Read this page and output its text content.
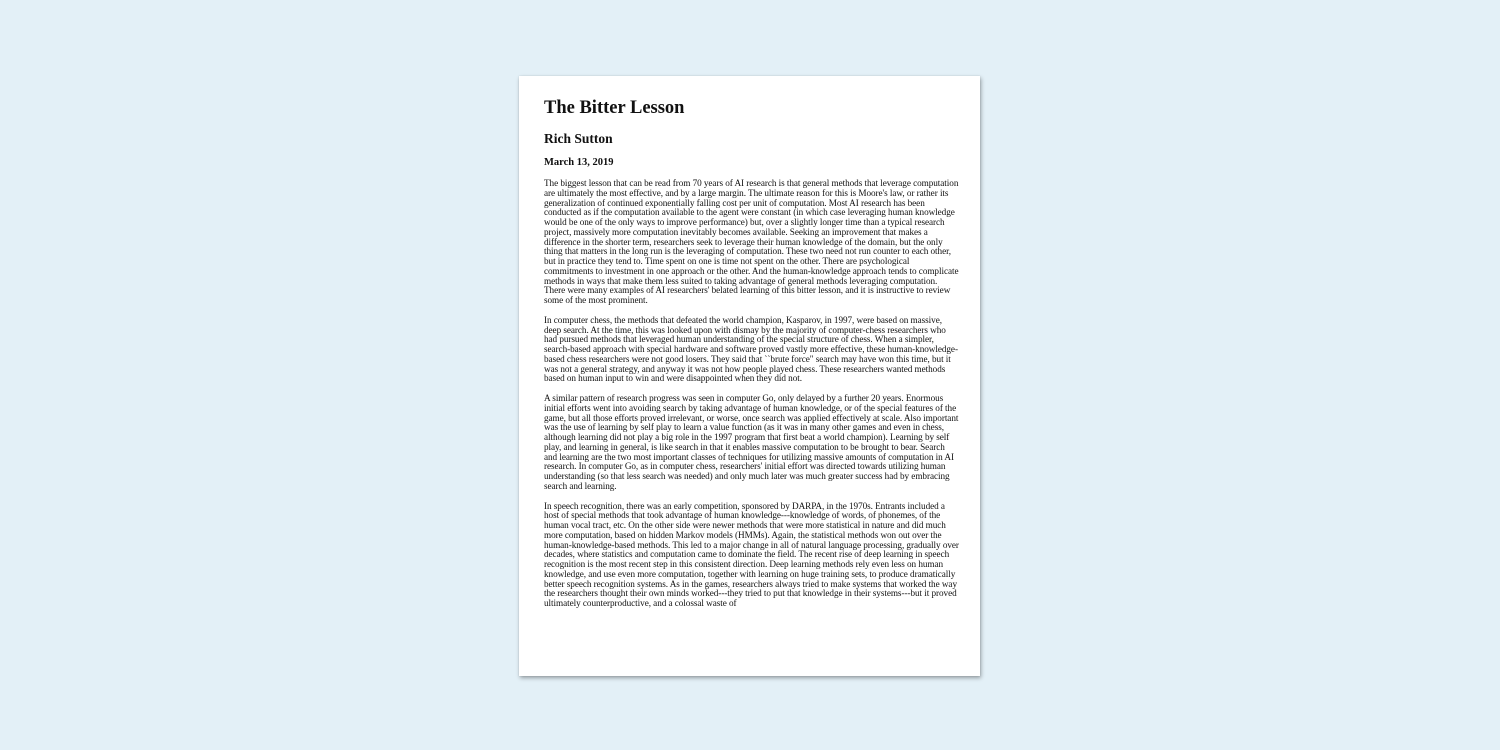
The Bitter Lesson
Rich Sutton
March 13, 2019

The biggest lesson that can be read from 70 years of AI research is that general methods that leverage computation are ultimately the most effective, and by a large margin. The ultimate reason for this is Moore's law, or rather its generalization of continued exponentially falling cost per unit of computation. Most AI research has been conducted as if the computation available to the agent were constant (in which case leveraging human knowledge would be one of the only ways to improve performance) but, over a slightly longer time than a typical research project, massively more computation inevitably becomes available. Seeking an improvement that makes a difference in the shorter term, researchers seek to leverage their human knowledge of the domain, but the only thing that matters in the long run is the leveraging of computation. These two need not run counter to each other, but in practice they tend to. Time spent on one is time not spent on the other. There are psychological commitments to investment in one approach or the other. And the human-knowledge approach tends to complicate methods in ways that make them less suited to taking advantage of general methods leveraging computation. There were many examples of AI researchers' belated learning of this bitter lesson, and it is instructive to review some of the most prominent.

In computer chess, the methods that defeated the world champion, Kasparov, in 1997, were based on massive, deep search. At the time, this was looked upon with dismay by the majority of computer-chess researchers who had pursued methods that leveraged human understanding of the special structure of chess. When a simpler, search-based approach with special hardware and software proved vastly more effective, these human-knowledge-based chess researchers were not good losers. They said that ``brute force" search may have won this time, but it was not a general strategy, and anyway it was not how people played chess. These researchers wanted methods based on human input to win and were disappointed when they did not.

A similar pattern of research progress was seen in computer Go, only delayed by a further 20 years. Enormous initial efforts went into avoiding search by taking advantage of human knowledge, or of the special features of the game, but all those efforts proved irrelevant, or worse, once search was applied effectively at scale. Also important was the use of learning by self play to learn a value function (as it was in many other games and even in chess, although learning did not play a big role in the 1997 program that first beat a world champion). Learning by self play, and learning in general, is like search in that it enables massive computation to be brought to bear. Search and learning are the two most important classes of techniques for utilizing massive amounts of computation in AI research. In computer Go, as in computer chess, researchers' initial effort was directed towards utilizing human understanding (so that less search was needed) and only much later was much greater success had by embracing search and learning.

In speech recognition, there was an early competition, sponsored by DARPA, in the 1970s. Entrants included a host of special methods that took advantage of human knowledge---knowledge of words, of phonemes, of the human vocal tract, etc. On the other side were newer methods that were more statistical in nature and did much more computation, based on hidden Markov models (HMMs). Again, the statistical methods won out over the human-knowledge-based methods. This led to a major change in all of natural language processing, gradually over decades, where statistics and computation came to dominate the field. The recent rise of deep learning in speech recognition is the most recent step in this consistent direction. Deep learning methods rely even less on human knowledge, and use even more computation, together with learning on huge training sets, to produce dramatically better speech recognition systems. As in the games, researchers always tried to make systems that worked the way the researchers thought their own minds worked---they tried to put that knowledge in their systems---but it proved ultimately counterproductive, and a colossal waste of
